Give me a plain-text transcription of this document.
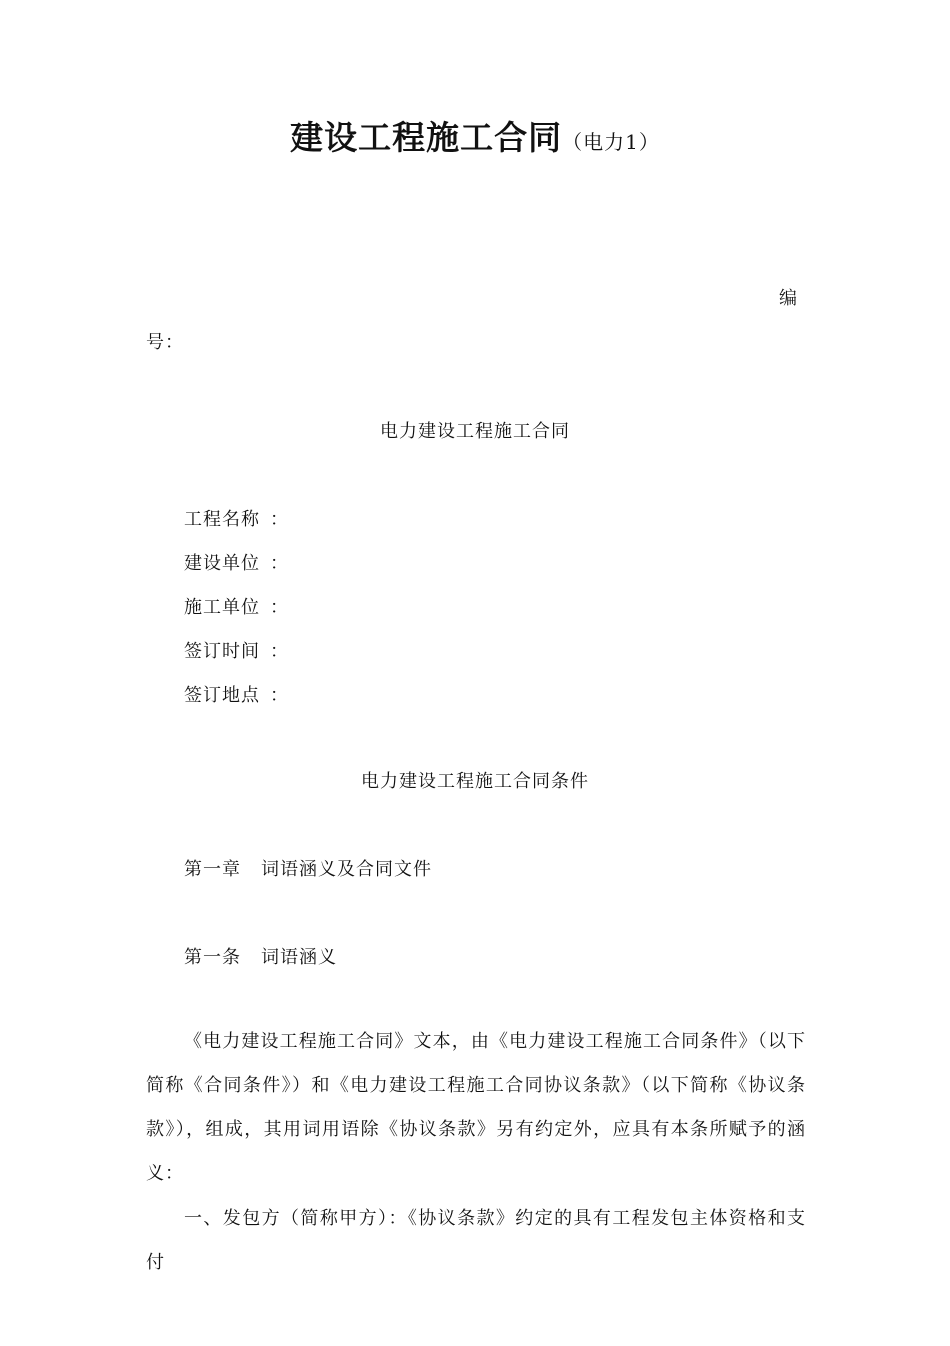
建设工程施工合同（电力1）
编
号：
电力建设工程施工合同
工程名称 ：
建设单位 ：
施工单位 ：
签订时间 ：
签订地点 ：
电力建设工程施工合同条件
第一章 词语涵义及合同文件
第一条 词语涵义
《电力建设工程施工合同》文本，由《电力建设工程施工合同条件》（以下简称《合同条件》）和《电力建设工程施工合同协议条款》（以下简称《协议条款》），组成，其用词用语除《协议条款》另有约定外，应具有本条所赋予的涵义：
一、发包方（简称甲方）：《协议条款》约定的具有工程发包主体资格和支付
